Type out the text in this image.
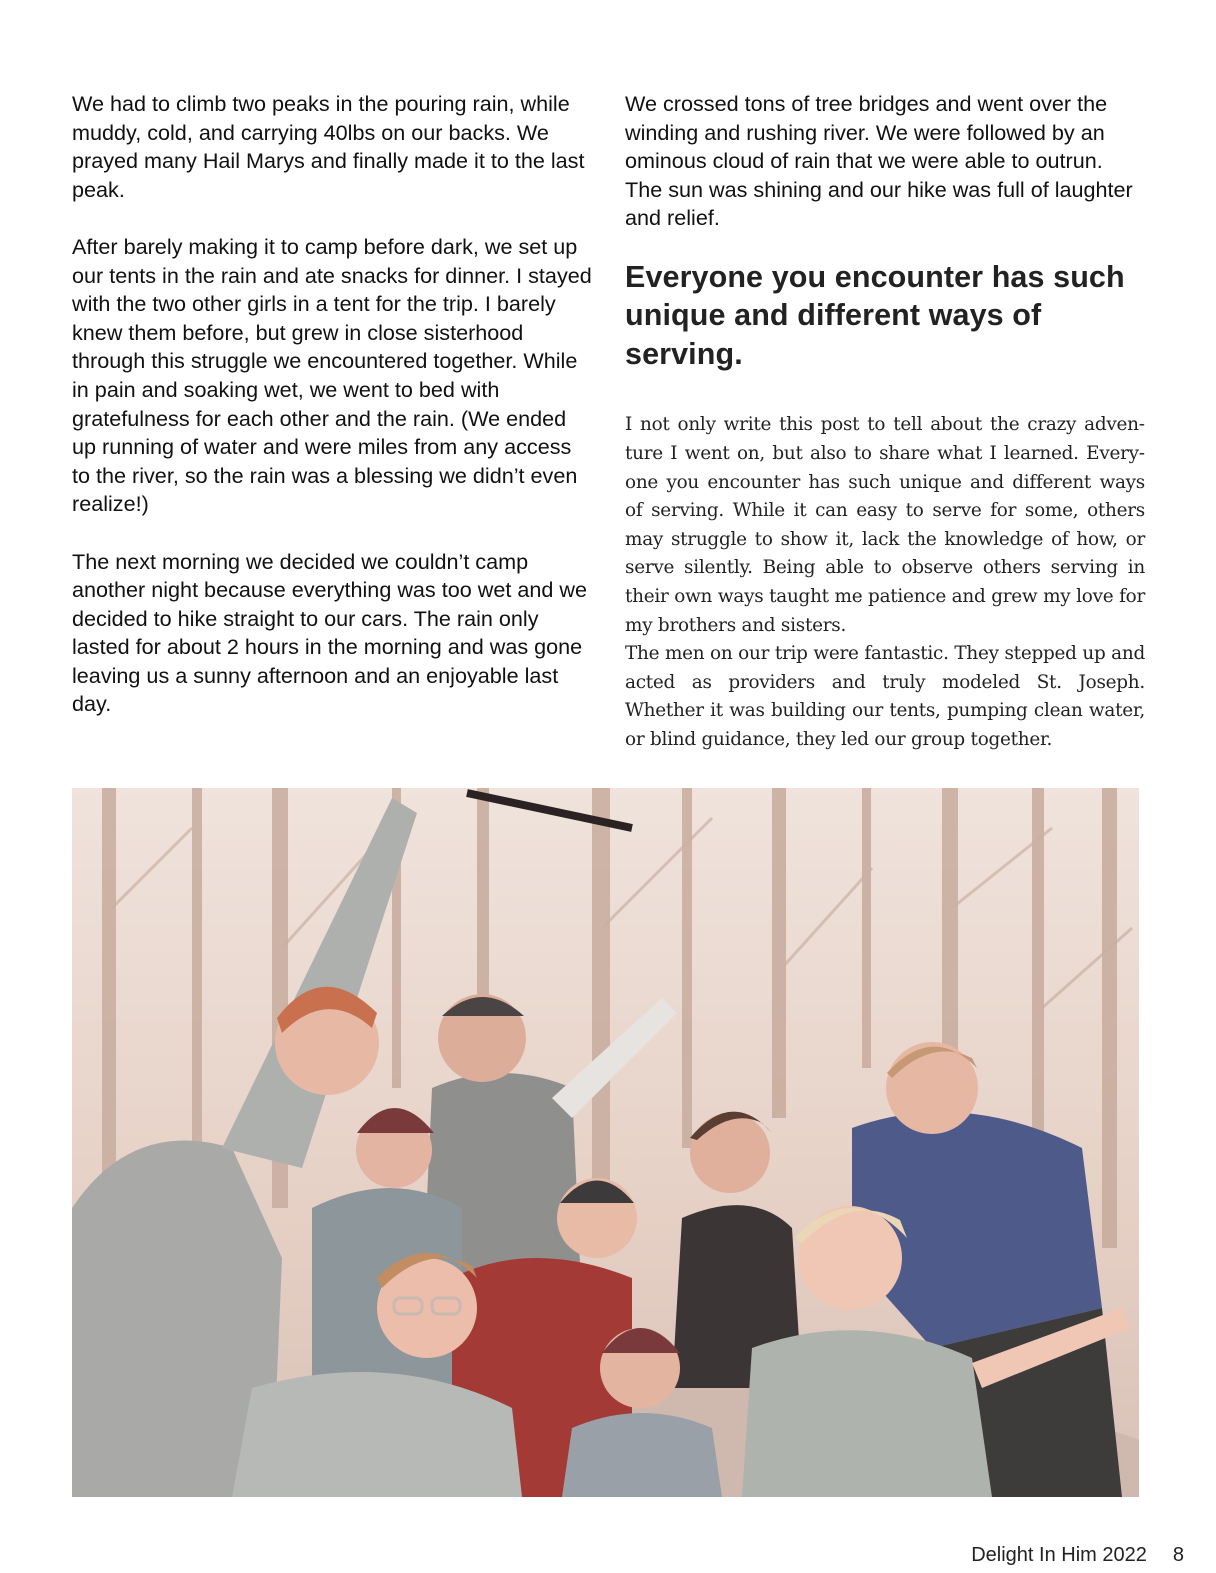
We had to climb two peaks in the pouring rain, while muddy, cold, and carrying 40lbs on our backs. We prayed many Hail Marys and finally made it to the last peak.

After barely making it to camp before dark, we set up our tents in the rain and ate snacks for dinner. I stayed with the two other girls in a tent for the trip. I barely knew them before, but grew in close sisterhood through this struggle we encountered together. While in pain and soaking wet, we went to bed with gratefulness for each other and the rain. (We ended up running of water and were miles from any access to the river, so the rain was a blessing we didn’t even realize!)

The next morning we decided we couldn’t camp another night because everything was too wet and we decided to hike straight to our cars. The rain only lasted for about 2 hours in the morning and was gone leaving us a sunny afternoon and an enjoyable last day.

We crossed tons of tree bridges and went over the winding and rushing river. We were followed by an ominous cloud of rain that we were able to outrun. The sun was shining and our hike was full of laughter and relief.

Everyone you encounter has such unique and different ways of serving.

I not only write this post to tell about the crazy adventure I went on, but also to share what I learned. Everyone you encounter has such unique and different ways of serving. While it can easy to serve for some, others may struggle to show it, lack the knowledge of how, or serve silently. Being able to observe others serving in their own ways taught me patience and grew my love for my brothers and sisters.

The men on our trip were fantastic. They stepped up and acted as providers and truly modeled St. Joseph. Whether it was building our tents, pumping clean water, or blind guidance, they led our group together.

Delight In Him 2022 8
